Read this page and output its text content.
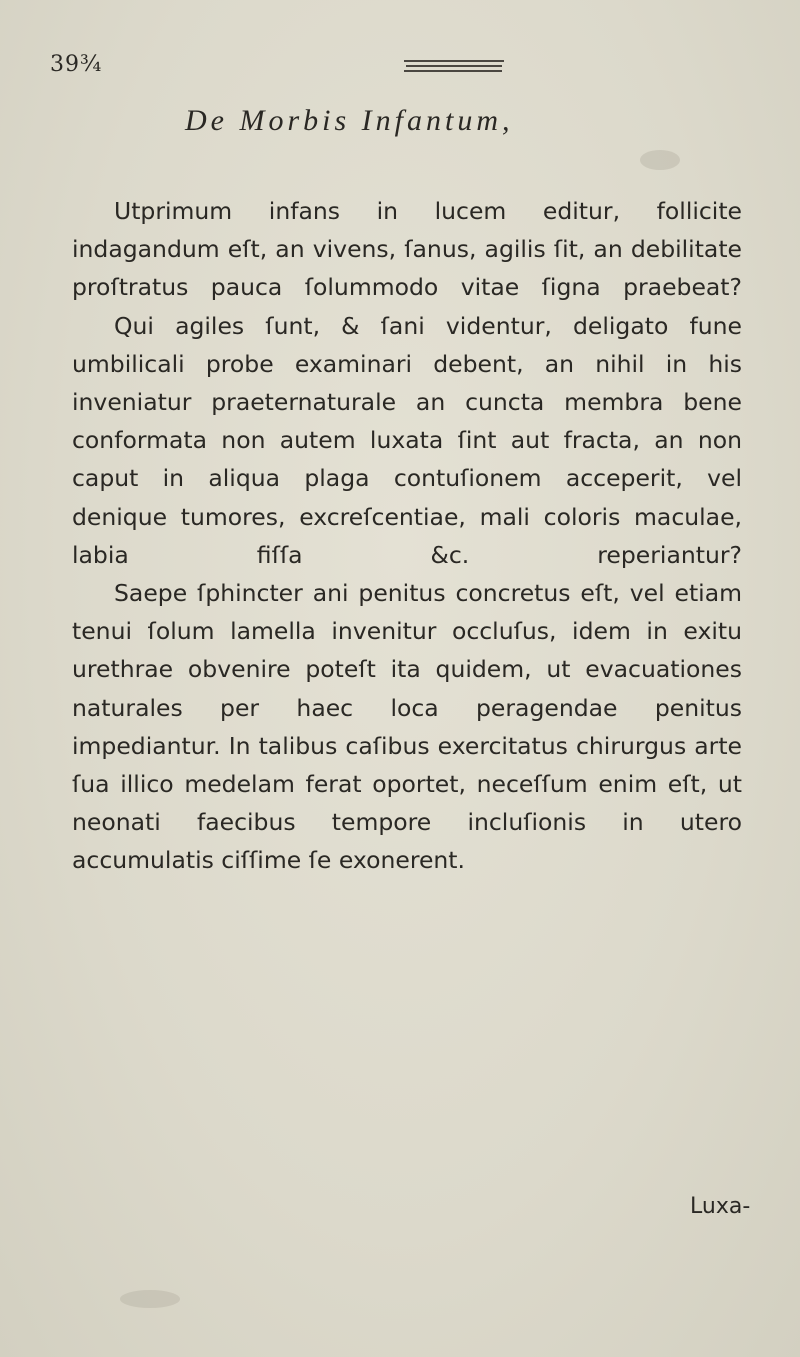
39¾
De Morbis Infantum,

Utprimum infans in lucem editur, follicite indagandum eſt, an vivens, ſanus, agilis ſit, an debilitate proſtratus pauca ſolummodo vitae ſigna praebeat?

Qui agiles ſunt, & ſani videntur, deligato fune umbilicali probe examinari debent, an nihil in his inveniatur praeternaturale an cuncta membra bene conformata non autem luxata ſint aut fracta, an non caput in aliqua plaga contuſionem acceperit, vel denique tumores, excreſcentiae, mali coloris maculae, labia fiſſa &c. reperiantur?

Saepe ſphincter ani penitus concretus eſt, vel etiam tenui ſolum lamella invenitur occluſus, idem in exitu urethrae obvenire poteſt ita quidem, ut evacuationes naturales per haec loca peragendae penitus impediantur. In talibus caſibus exercitatus chirurgus arte ſua illico medelam ferat oportet, neceſſum enim eſt, ut neonati faecibus tempore incluſionis in utero accumulatis ciſſime ſe exonerent.

Luxa-
